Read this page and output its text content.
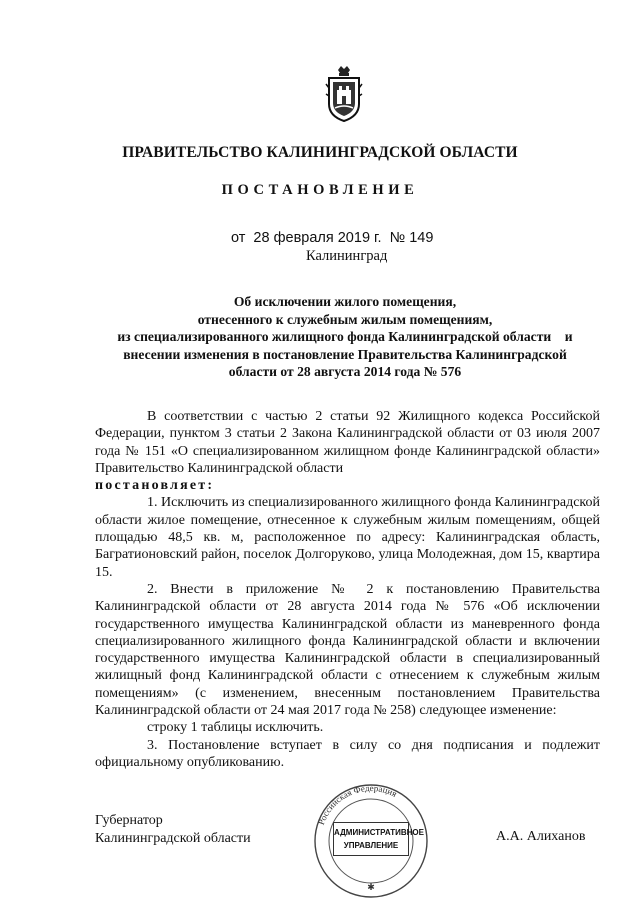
ПРАВИТЕЛЬСТВО КАЛИНИНГРАДСКОЙ ОБЛАСТИ
ПОСТАНОВЛЕНИЕ
от 28 февраля 2019 г. № 149
Калининград
Об исключении жилого помещения,
отнесенного к служебным жилым помещениям,
из специализированного жилищного фонда Калининградской области    и
внесении изменения в постановление Правительства Калининградской
области от 28 августа 2014 года № 576

В соответствии с частью 2 статьи 92 Жилищного кодекса Российской Федерации, пунктом 3 статьи 2 Закона Калининградской области от 03 июля 2007 года № 151 «О специализированном жилищном фонде Калининградской области» Правительство Калининградской области

постановляет:

1. Исключить из специализированного жилищного фонда Калининградской области жилое помещение, отнесенное к служебным жилым помещениям, общей площадью 48,5 кв. м, расположенное по адресу: Калининградская область, Багратионовский район, поселок Долгоруково, улица Молодежная, дом 15, квартира 15.

2. Внести в приложение № 2 к постановлению Правительства Калининградской области от 28 августа 2014 года № 576 «Об исключении государственного имущества Калининградской области из маневренного фонда специализированного жилищного фонда Калининградской области и включении государственного имущества Калининградской области в специализированный жилищный фонд Калининградской области с отнесением к служебным жилым помещениям» (с изменением, внесенным постановлением Правительства Калининградской области от 24 мая 2017 года № 258) следующее изменение:

строку 1 таблицы исключить.

3. Постановление вступает в силу со дня подписания и подлежит официальному опубликованию.

Губернатор
Калининградской области
Российская Федерация
✱
АДМИНИСТРАТИВНОЕ
УПРАВЛЕНИЕ
А.А. Алиханов
